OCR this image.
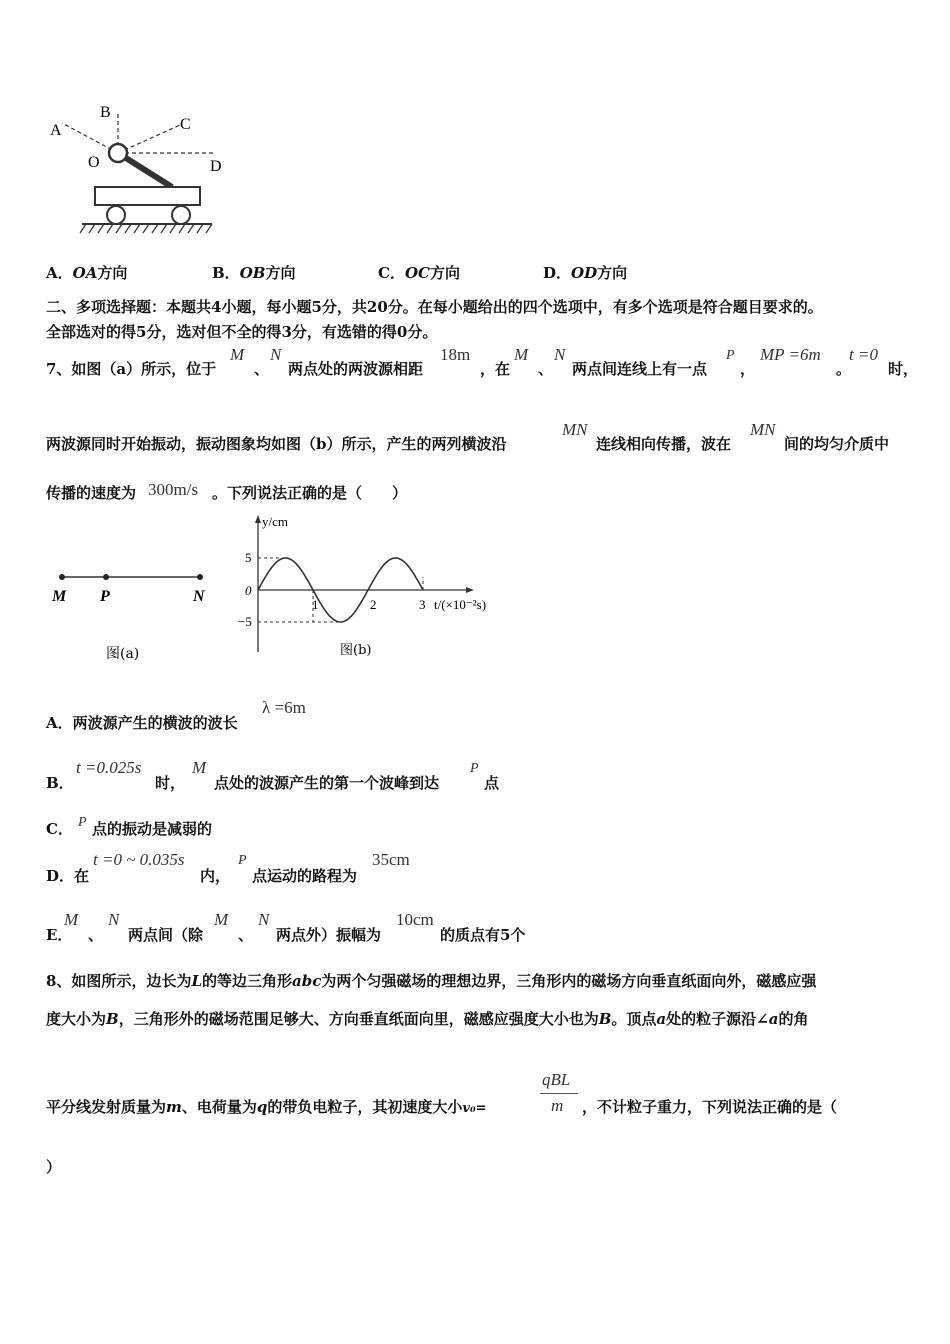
A
B
C
O	D
A．OA方向	B．OB方向	C．OC方向	D．OD方向
二、多项选择题：本题共4小题，每小题5分，共20分。在每小题给出的四个选项中，有多个选项是符合题目要求的。
全部选对的得5分，选对但不全的得3分，有选错的得0分。
7、如图（a）所示，位于
M
、
N
两点处的两波源相距
18m
，在
M
、
N
两点间连线上有一点
P
，
MP =6m
。
t =0
时，
两波源同时开始振动，振动图象均如图（b）所示，产生的两列横波沿
MN
连线相向传播，波在
MN
间的均匀介质中
传播的速度为 300m/s 。下列说法正确的是（　　）
M P	N
图(a)
y/cm
5
0
−5
1	2	3 t/(×10⁻²s)
图(b)
A．两波源产生的横波的波长
λ =6m
B．
t =0.025s
时，
M
点处的波源产生的第一个波峰到达
P
点
C． P 点的振动是减弱的
D．在
t =0 ~ 0.035s
内，
P
点运动的路程为
35cm
E．
M
、
N
两点间（除
M
、
N
两点外）振幅为
10cm
的质点有5个
8、如图所示，边长为L的等边三角形abc为两个匀强磁场的理想边界，三角形内的磁场方向垂直纸面向外，磁感应强
度大小为B，三角形外的磁场范围足够大、方向垂直纸面向里，磁感应强度大小也为B。顶点a处的粒子源沿∠a的角
平分线发射质量为m、电荷量为q的带负电粒子，其初速度大小v₀=
qBL
m ，不计粒子重力，下列说法正确的是（
）
